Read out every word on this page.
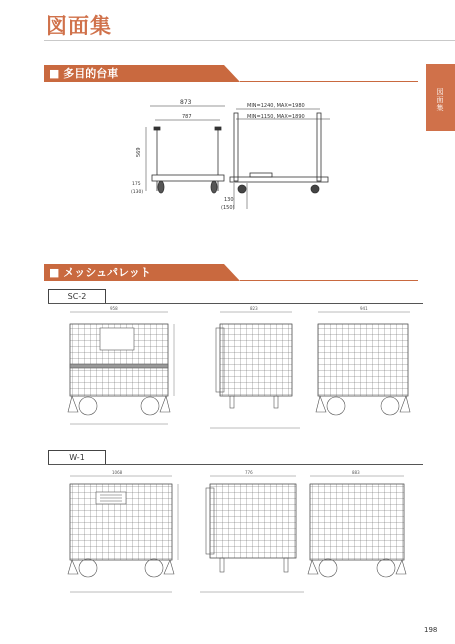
図面集
図面集
■ 多目的台車
873
787
569
175
(130)
MIN=1240, MAX=1980
MIN=1150, MAX=1890
130
(150)
■ メッシュパレット
SC-2
958	823	941
W-1
1068	776	883
198
